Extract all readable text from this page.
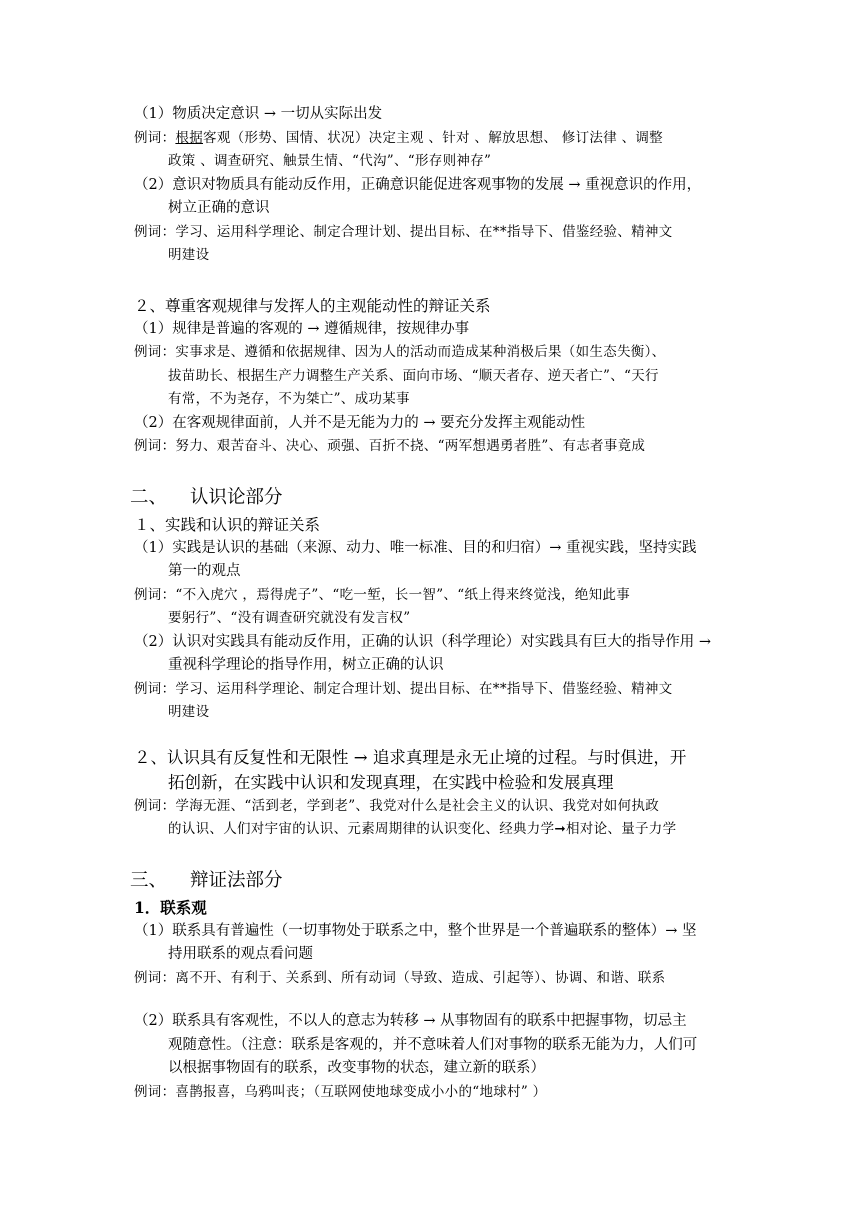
（1）物质决定意识 → 一切从实际出发

例词：根据客观（形势、国情、状况）决定主观 、针对 、解放思想、 修订法律 、调整
政策 、调查研究、触景生情、“代沟”、“形存则神存”

（2）意识对物质具有能动反作用，正确意识能促进客观事物的发展 → 重视意识的作用，
树立正确的意识

例词：学习、运用科学理论、制定合理计划、提出目标、在**指导下、借鉴经验、精神文
明建设

２、尊重客观规律与发挥人的主观能动性的辩证关系

（1）规律是普遍的客观的 → 遵循规律，按规律办事

例词：实事求是、遵循和依据规律、因为人的活动而造成某种消极后果（如生态失衡）、
拔苗助长、根据生产力调整生产关系、面向市场、“顺天者存、逆天者亡”、“天行
有常，不为尧存，不为桀亡”、成功某事

（2）在客观规律面前，人并不是无能为力的 → 要充分发挥主观能动性

例词：努力、艰苦奋斗、决心、顽强、百折不挠、“两军想遇勇者胜”、有志者事竟成

二、 认识论部分

１、实践和认识的辩证关系

（1）实践是认识的基础（来源、动力、唯一标准、目的和归宿）→ 重视实践，坚持实践
第一的观点

例词：“不入虎穴 ，焉得虎子”、“吃一堑，长一智”、“纸上得来终觉浅，绝知此事
要躬行”、“没有调查研究就没有发言权”

（2）认识对实践具有能动反作用，正确的认识（科学理论）对实践具有巨大的指导作用 →
重视科学理论的指导作用，树立正确的认识

例词：学习、运用科学理论、制定合理计划、提出目标、在**指导下、借鉴经验、精神文
明建设

２、认识具有反复性和无限性 → 追求真理是永无止境的过程。与时俱进，开
拓创新，在实践中认识和发现真理，在实践中检验和发展真理

例词：学海无涯、“活到老，学到老”、我党对什么是社会主义的认识、我党对如何执政
的认识、人们对宇宙的认识、元素周期律的认识变化、经典力学➞相对论、量子力学

三、 辩证法部分

1．联系观

（1）联系具有普遍性（一切事物处于联系之中，整个世界是一个普遍联系的整体）→ 坚
持用联系的观点看问题

例词：离不开、有利于、关系到、所有动词（导致、造成、引起等）、协调、和谐、联系

（2）联系具有客观性，不以人的意志为转移 → 从事物固有的联系中把握事物，切忌主
观随意性。（注意：联系是客观的，并不意味着人们对事物的联系无能为力，人们可
以根据事物固有的联系，改变事物的状态，建立新的联系）

例词：喜鹊报喜，乌鸦叫丧；（互联网使地球变成小小的“地球村” ）
